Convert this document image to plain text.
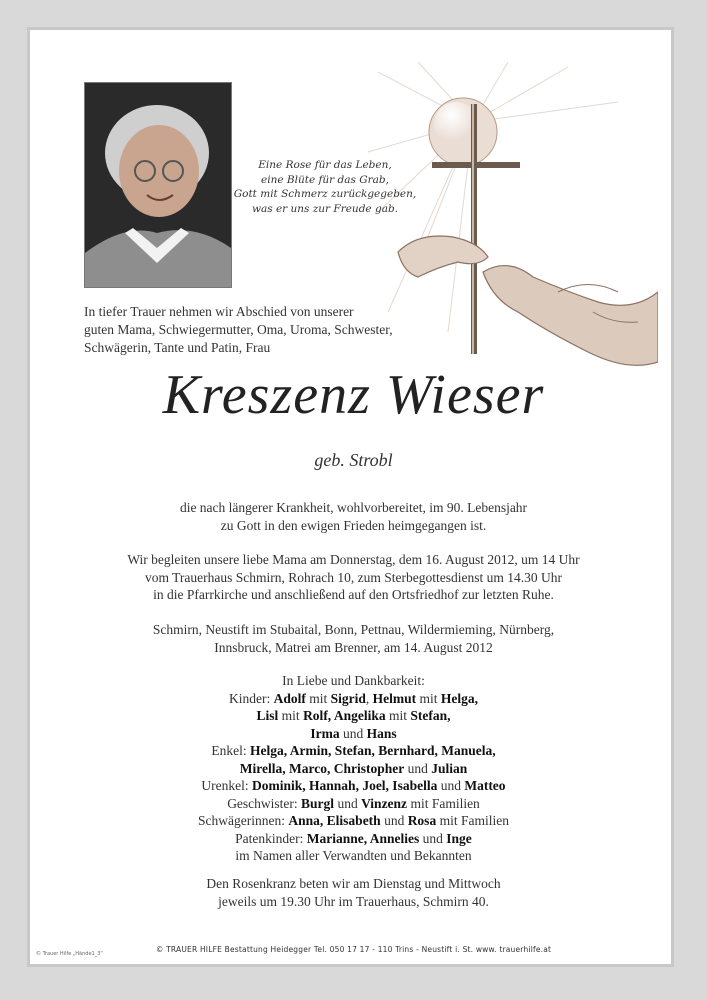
Eine Rose für das Leben,
eine Blüte für das Grab,
Gott mit Schmerz zurückgegeben,
was er uns zur Freude gab.
In tiefer Trauer nehmen wir Abschied von unserer
guten Mama, Schwiegermutter, Oma, Uroma, Schwester,
Schwägerin, Tante und Patin, Frau
Kreszenz Wieser
geb. Strobl
die nach längerer Krankheit, wohlvorbereitet, im 90. Lebensjahr
zu Gott in den ewigen Frieden heimgegangen ist.
Wir begleiten unsere liebe Mama am Donnerstag, dem 16. August 2012, um 14 Uhr
vom Trauerhaus Schmirn, Rohrach 10, zum Sterbegottesdienst um 14.30 Uhr
in die Pfarrkirche und anschließend auf den Ortsfriedhof zur letzten Ruhe.
Schmirn, Neustift im Stubaital, Bonn, Pettnau, Wildermieming, Nürnberg,
Innsbruck, Matrei am Brenner, am 14. August 2012
In Liebe und Dankbarkeit:
Kinder: Adolf mit Sigrid, Helmut mit Helga,
Lisl mit Rolf, Angelika mit Stefan,
Irma und Hans
Enkel: Helga, Armin, Stefan, Bernhard, Manuela,
Mirella, Marco, Christopher und Julian
Urenkel: Dominik, Hannah, Joel, Isabella und Matteo
Geschwister: Burgl und Vinzenz mit Familien
Schwägerinnen: Anna, Elisabeth und Rosa mit Familien
Patenkinder: Marianne, Annelies und Inge
im Namen aller Verwandten und Bekannten
Den Rosenkranz beten wir am Dienstag und Mittwoch
jeweils um 19.30 Uhr im Trauerhaus, Schmirn 40.
© Trauer Hilfe „Hände1_3“	© TRAUER HILFE Bestattung Heidegger Tel. 050 17 17 - 110 Trins - Neustift i. St. www. trauerhilfe.at
